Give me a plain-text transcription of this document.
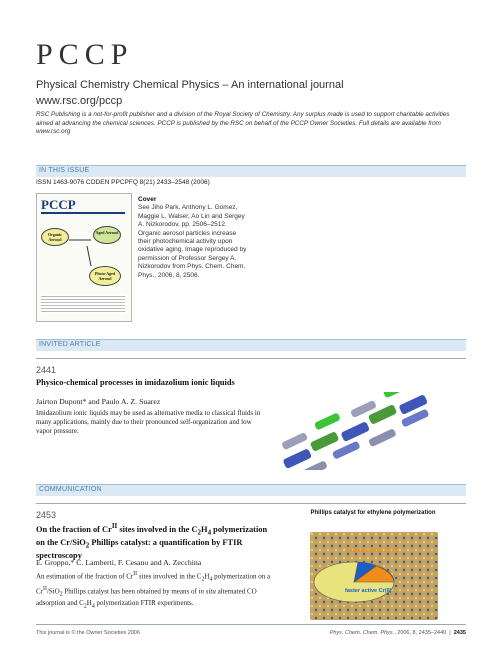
PCCP
Physical Chemistry Chemical Physics – An international journal
www.rsc.org/pccp
RSC Publishing is a not-for-profit publisher and a division of the Royal Society of Chemistry. Any surplus made is used to support charitable activities aimed at advancing the chemical sciences. PCCP is published by the RSC on behalf of the PCCP Owner Societies. Full details are available from www.rsc.org
IN THIS ISSUE
ISSN 1463-9076 CODEN PPCPFQ 8(21) 2433–2548 (2006)
PCCP
Organic Aerosol
Aged Aerosol
Photo-Aged Aerosol
Cover
See Jiho Park, Anthony L. Gomez, Maggie L. Walser, Ao Lin and Sergey A. Nizkorodov, pp. 2506–2512. Organic aerosol particles increase their photochemical activity upon oxidative aging. Image reproduced by permission of Professor Sergey A. Nizkorodov from Phys. Chem. Chem. Phys., 2006, 8, 2506.
INVITED ARTICLE
2441
Physico-chemical processes in imidazolium ionic liquids
Jairton Dupont* and Paulo A. Z. Suarez
Imidazolium ionic liquids may be used as alternative media to classical fluids in many applications, mainly due to their pronounced self-organization and low vapor pressure.
COMMUNICATION
2453
On the fraction of $Cr^{II}$ sites involved in the $C_2H_4$ polymerization on the Cr/SiO$_2$ Phillips catalyst: a quantification by FTIR spectroscopy
E. Groppo,* C. Lamberti, F. Cesano and A. Zecchina
An estimation of the fraction of $Cr^{II}$ sites involved in the $C_2H_4$ polymerization on a $Cr^{II}/SiO_2$ Phillips catalyst has been obtained by means of in situ alternated CO adsorption and $C_2H_4$ polymerization FTIR experiments.
Phillips catalyst for ethylene polymerization
slower active Cr(II)
faster active Cr(II)
This journal is © the Owner Societies 2006	Phys. Chem. Chem. Phys., 2006, 8, 2435–2440  |  2435
